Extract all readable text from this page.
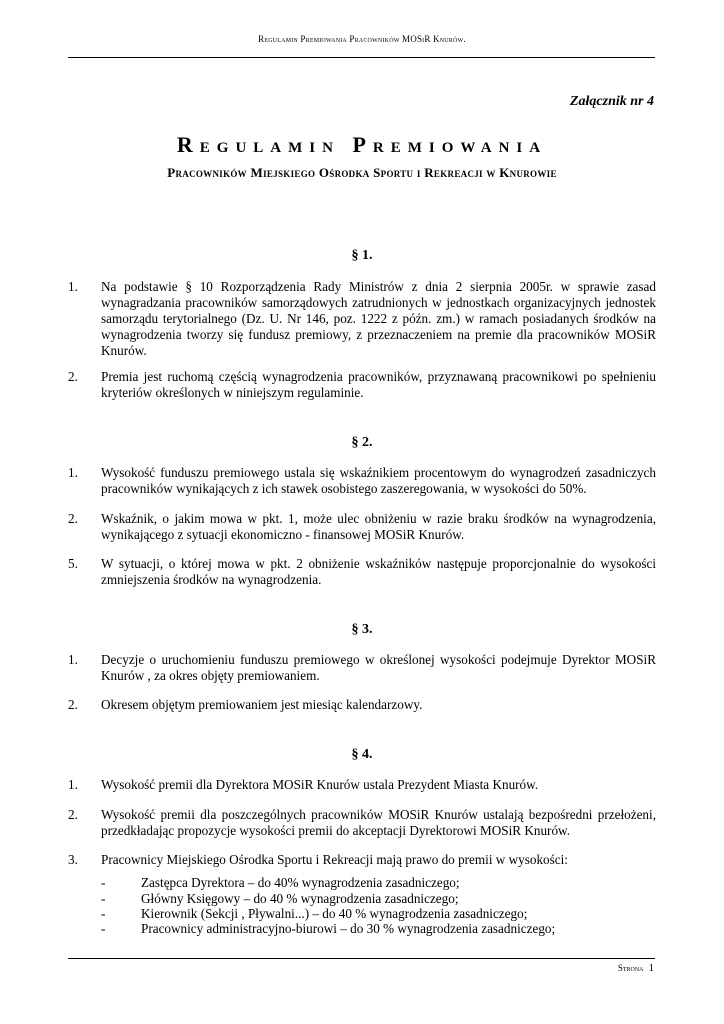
Regulamin Premiowania Pracowników MOSiR Knurów.
Załącznik nr 4
Regulamin Premiowania
Pracowników Miejskiego Ośrodka Sportu i Rekreacji w Knurowie
§ 1.
1.	Na podstawie § 10 Rozporządzenia Rady Ministrów z dnia 2 sierpnia 2005r. w sprawie zasad wynagradzania pracowników samorządowych zatrudnionych w jednostkach organizacyjnych jednostek samorządu terytorialnego (Dz. U. Nr 146, poz. 1222 z późn. zm.) w ramach posiadanych środków na wynagrodzenia tworzy się fundusz premiowy, z przeznaczeniem na premie dla pracowników MOSiR Knurów.
2.	Premia jest ruchomą częścią wynagrodzenia pracowników, przyznawaną pracownikowi po spełnieniu kryteriów określonych w niniejszym regulaminie.
§ 2.
1.	Wysokość funduszu premiowego ustala się wskaźnikiem procentowym do wynagrodzeń zasadniczych pracowników wynikających z ich stawek osobistego zaszeregowania, w wysokości do 50%.
2.	Wskaźnik, o jakim mowa w pkt. 1, może ulec obniżeniu w razie braku środków na wynagrodzenia, wynikającego z sytuacji ekonomiczno - finansowej MOSiR Knurów.
5.	W sytuacji, o której mowa w pkt. 2 obniżenie wskaźników następuje proporcjonalnie do wysokości zmniejszenia środków na wynagrodzenia.
§ 3.
1.	Decyzje o uruchomieniu funduszu premiowego w określonej wysokości podejmuje Dyrektor MOSiR Knurów , za okres objęty premiowaniem.
2.	Okresem objętym premiowaniem jest miesiąc kalendarzowy.
§ 4.
1.	Wysokość premii dla Dyrektora MOSiR Knurów ustala Prezydent Miasta Knurów.
2.	Wysokość premii dla poszczególnych pracowników MOSiR Knurów ustalają bezpośredni przełożeni, przedkładając propozycje wysokości premii do akceptacji Dyrektorowi MOSiR Knurów.
3.	Pracownicy Miejskiego Ośrodka Sportu i Rekreacji mają prawo do premii w wysokości:
-	Zastępca Dyrektora – do 40% wynagrodzenia zasadniczego;
-	Główny Księgowy – do 40 % wynagrodzenia zasadniczego;
-	Kierownik (Sekcji , Pływalni...) – do 40 % wynagrodzenia zasadniczego;
-	Pracownicy administracyjno-biurowi – do 30 % wynagrodzenia zasadniczego;
Strona 1
